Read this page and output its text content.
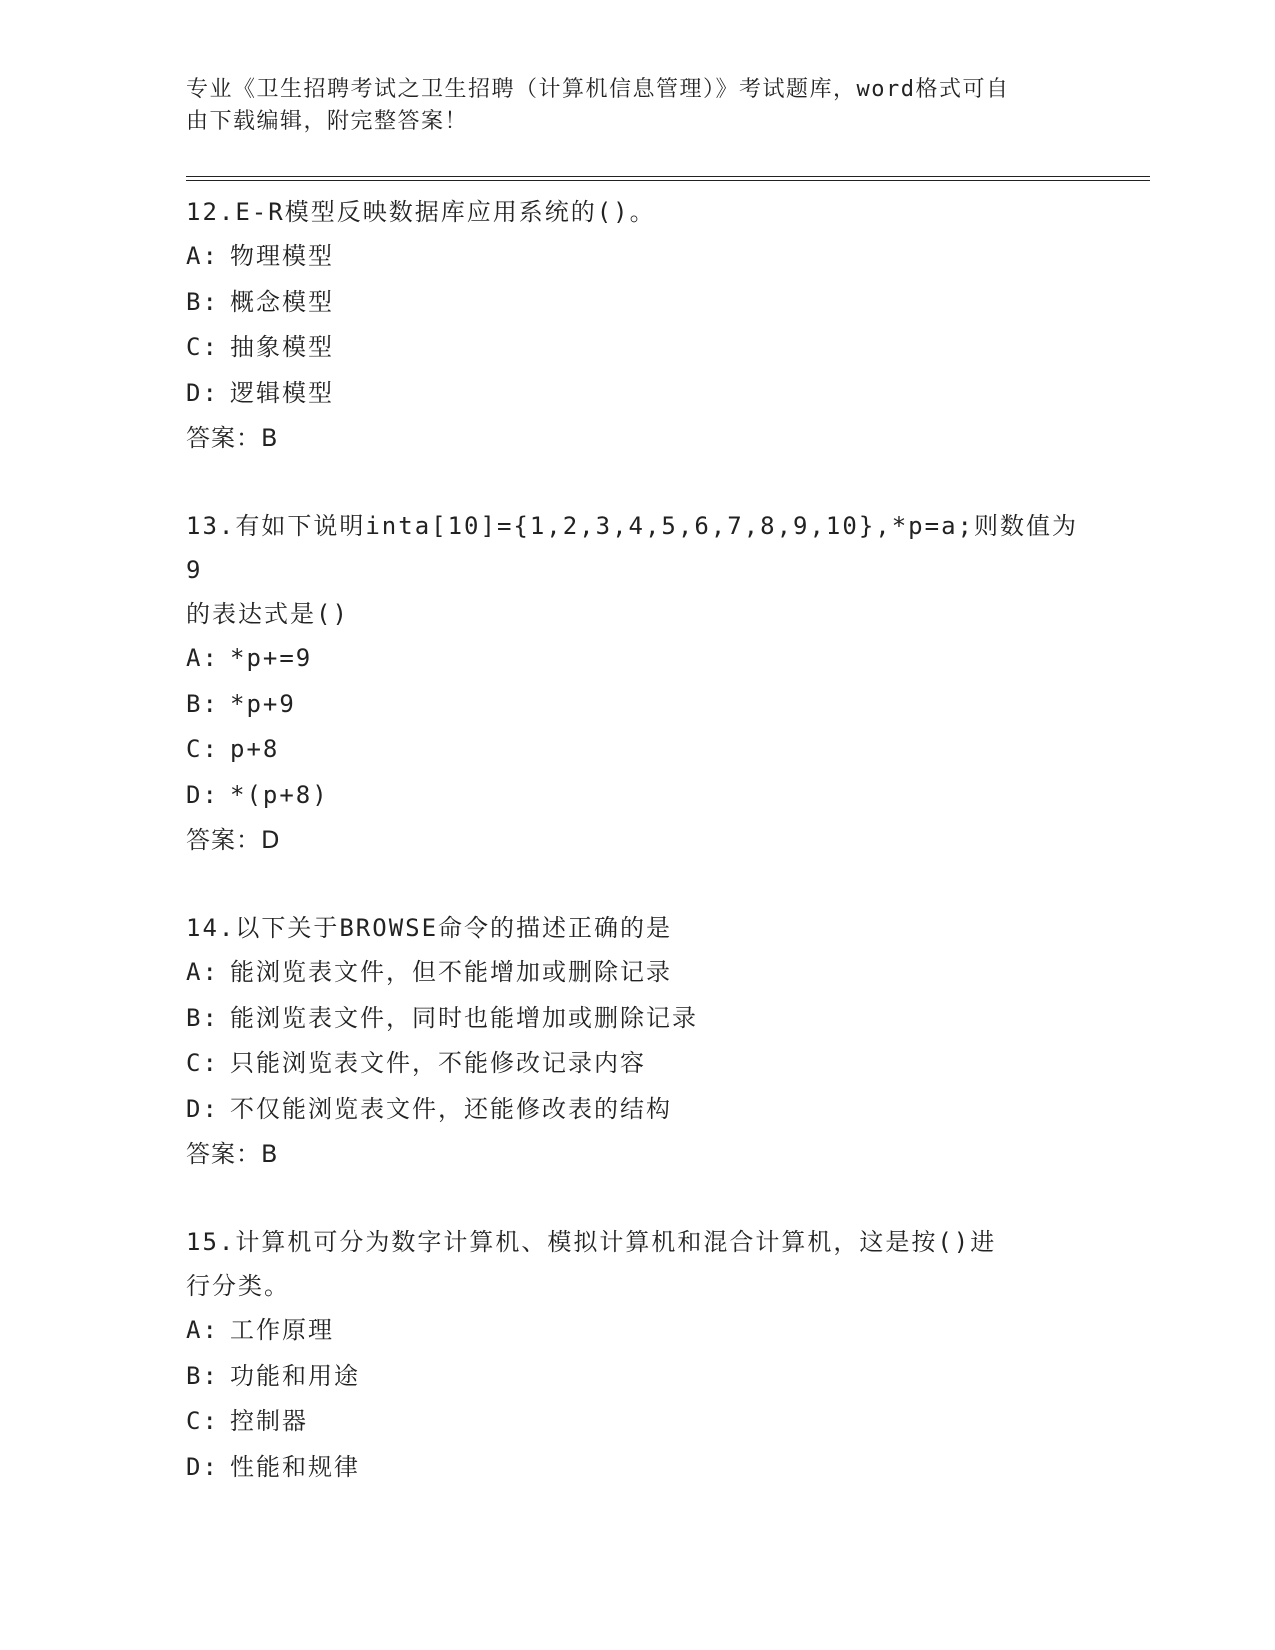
专业《卫生招聘考试之卫生招聘（计算机信息管理）》考试题库，word格式可自
由下载编辑，附完整答案！
12.E-R模型反映数据库应用系统的()。
A: 物理模型
B: 概念模型
C: 抽象模型
D: 逻辑模型
答案：B
13.有如下说明inta[10]={1,2,3,4,5,6,7,8,9,10},*p=a;则数值为9
的表达式是()
A: *p+=9
B: *p+9
C: p+8
D: *(p+8)
答案：D
14.以下关于BROWSE命令的描述正确的是
A: 能浏览表文件，但不能增加或删除记录
B: 能浏览表文件，同时也能增加或删除记录
C: 只能浏览表文件，不能修改记录内容
D: 不仅能浏览表文件，还能修改表的结构
答案：B
15.计算机可分为数字计算机、模拟计算机和混合计算机，这是按()进
行分类。
A: 工作原理
B: 功能和用途
C: 控制器
D: 性能和规律
